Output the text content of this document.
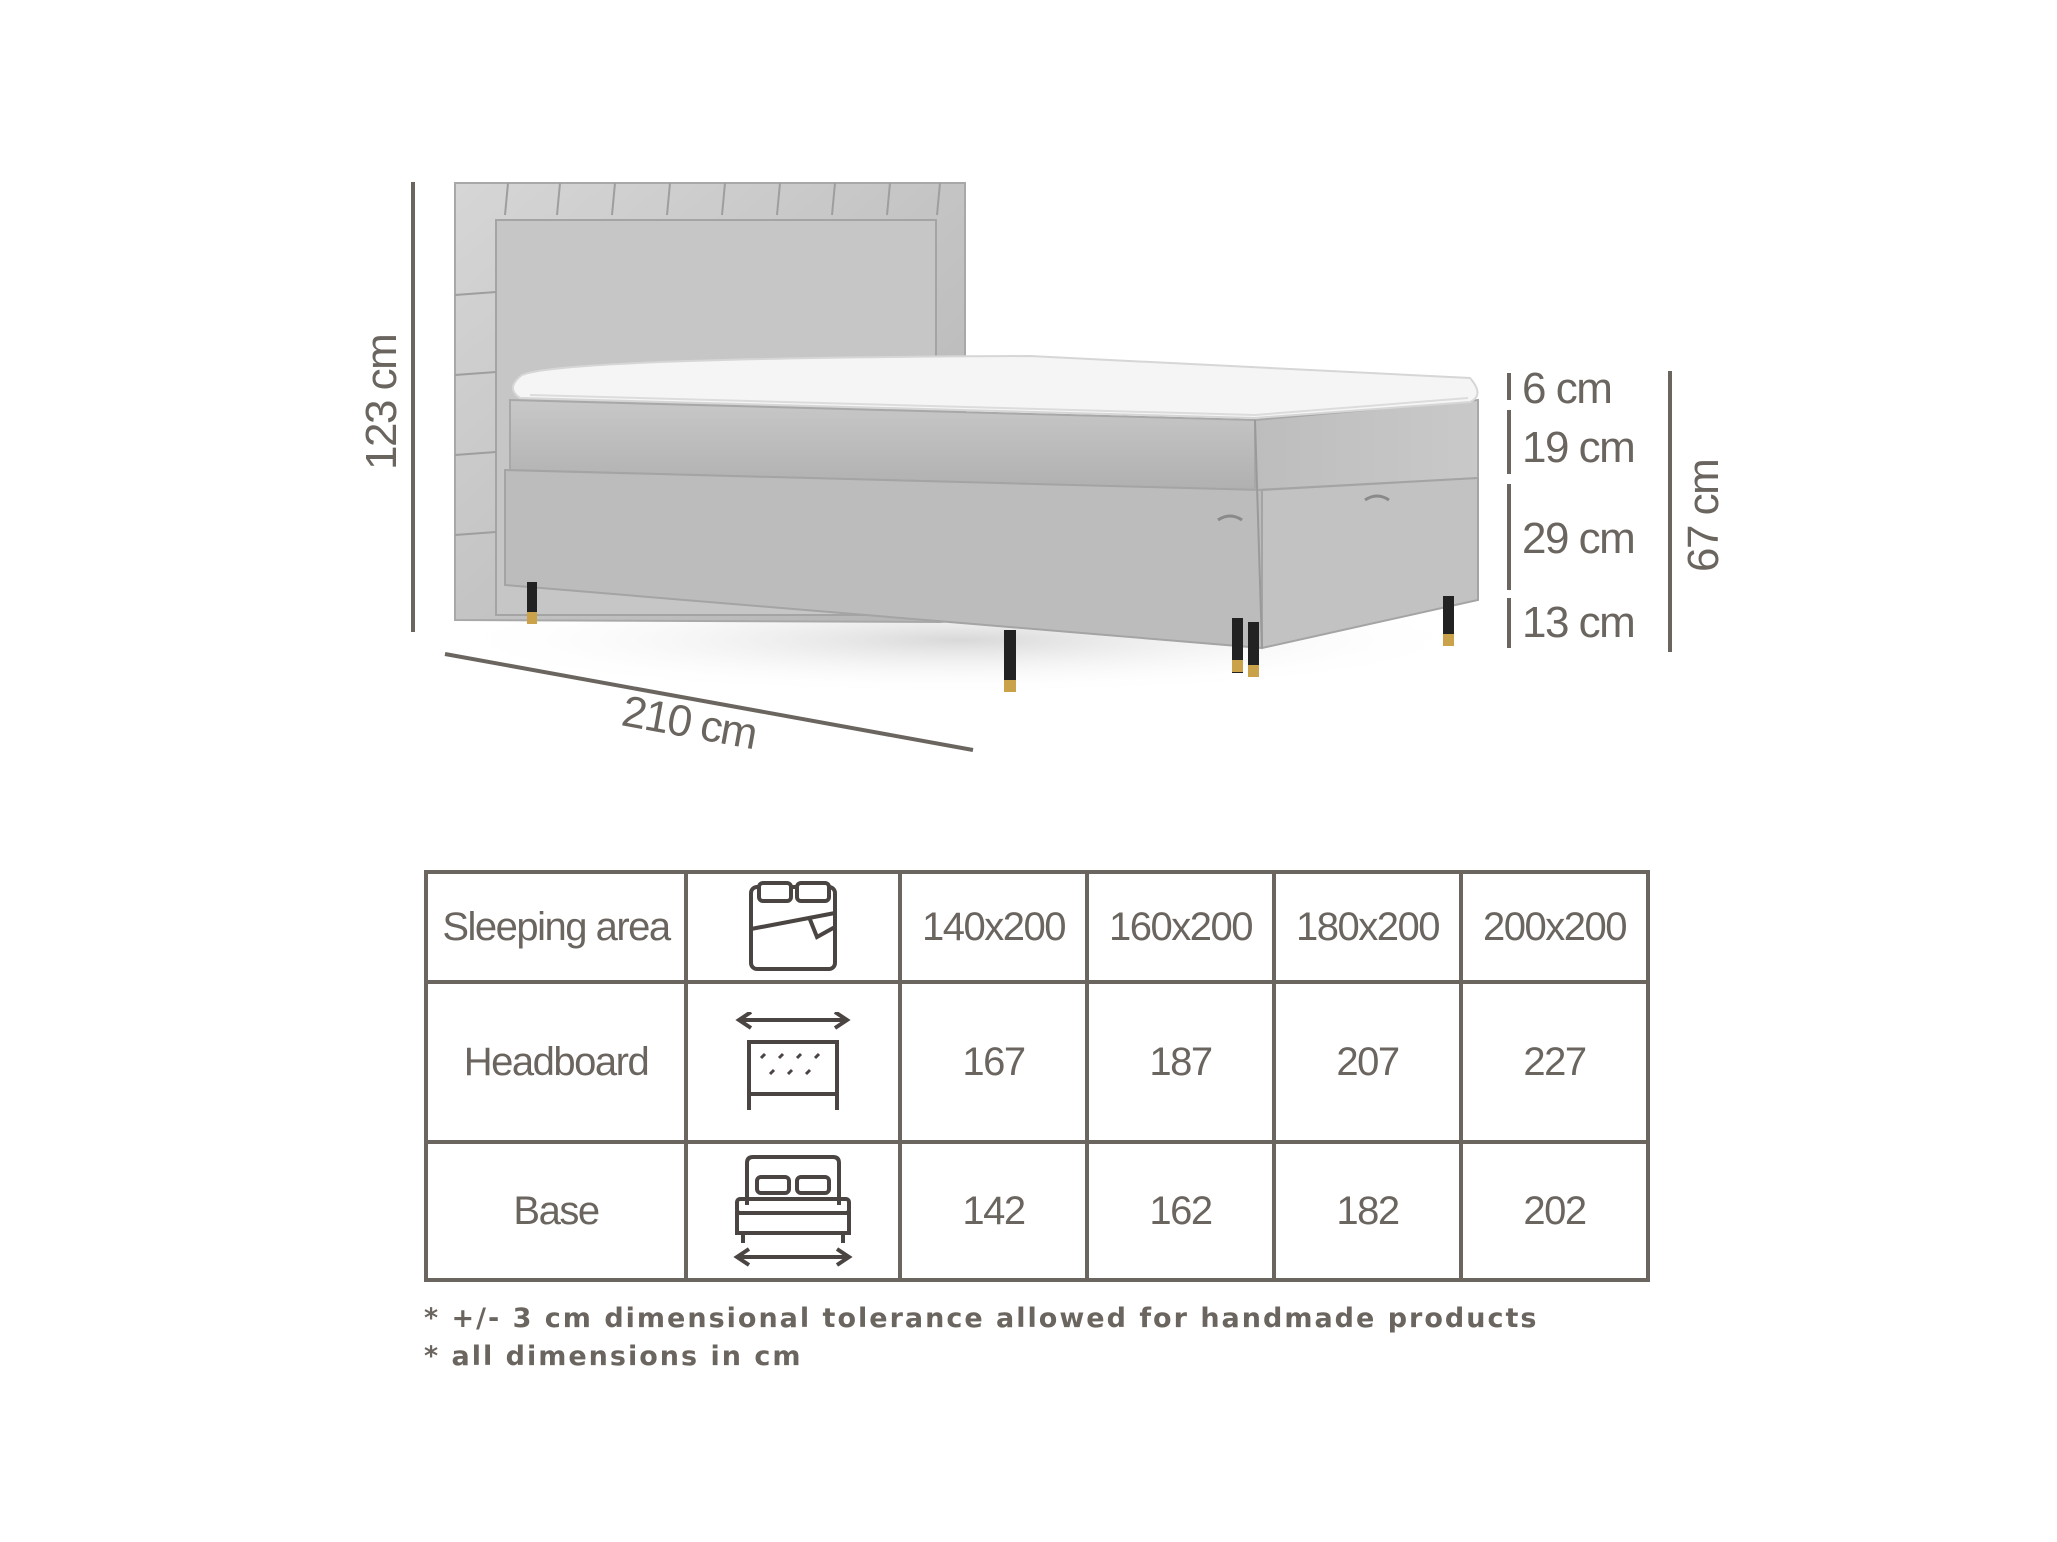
123 cm
210 cm
67 cm
6 cm
19 cm
29 cm
13 cm
Sleeping area		140x200	160x200	180x200	200x200
Headboard		167	187	207	227
Base		142	162	182	202
* +/- 3 cm dimensional tolerance allowed for handmade products
* all dimensions in cm
